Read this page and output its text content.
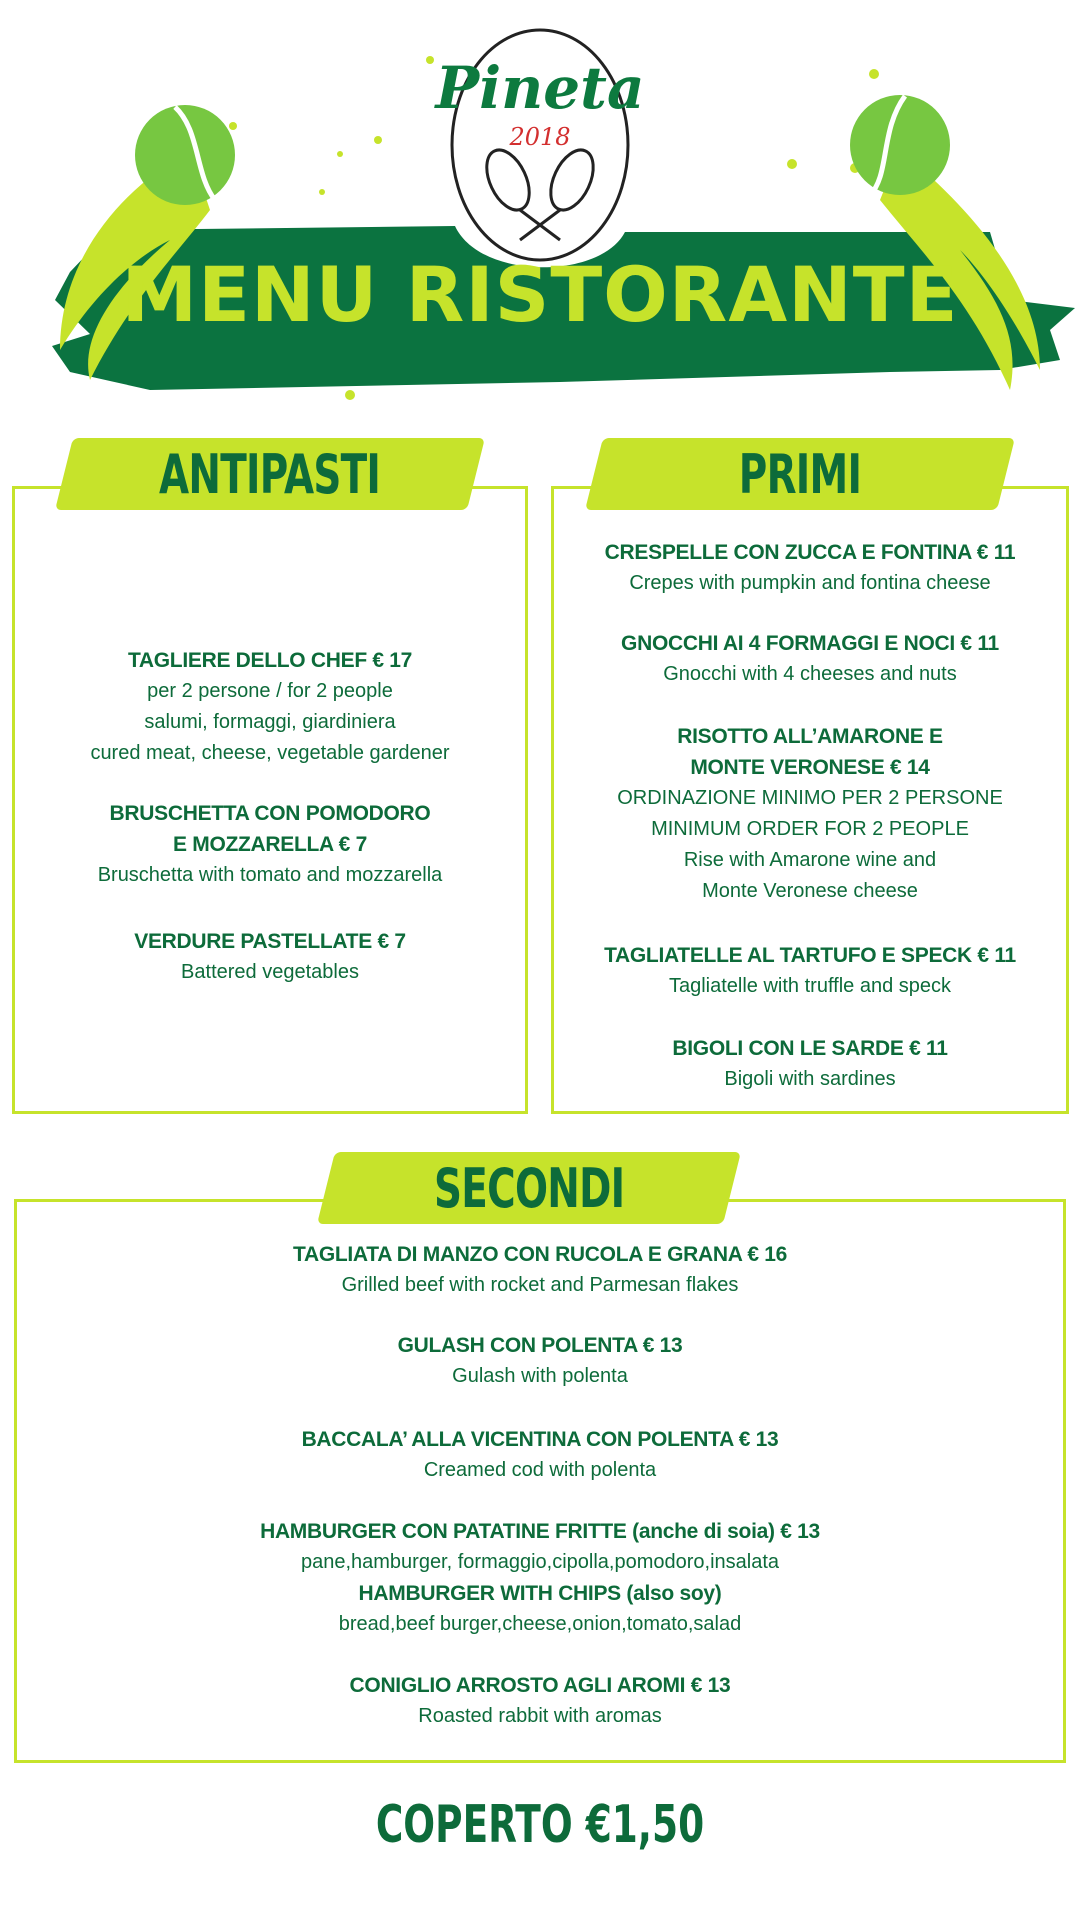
Pineta
2018
MENU RISTORANTE
ANTIPASTI
TAGLIERE DELLO CHEF € 17
per 2 persone / for 2 people
salumi, formaggi, giardiniera
cured meat, cheese, vegetable gardener
BRUSCHETTA CON POMODORO
E MOZZARELLA € 7
Bruschetta with tomato and mozzarella
VERDURE PASTELLATE € 7
Battered vegetables
PRIMI
CRESPELLE CON ZUCCA E FONTINA € 11
Crepes with pumpkin and fontina cheese
GNOCCHI AI 4 FORMAGGI E NOCI € 11
Gnocchi with 4 cheeses and nuts
RISOTTO ALL’AMARONE E
MONTE VERONESE € 14
ORDINAZIONE MINIMO PER 2 PERSONE
MINIMUM ORDER FOR 2 PEOPLE
Rise with Amarone wine and
Monte Veronese cheese
TAGLIATELLE AL TARTUFO E SPECK € 11
Tagliatelle with truffle and speck
BIGOLI CON LE SARDE € 11
Bigoli with sardines
SECONDI
TAGLIATA DI MANZO CON RUCOLA E GRANA € 16
Grilled beef with rocket and Parmesan flakes
GULASH CON POLENTA € 13
Gulash with polenta
BACCALA’ ALLA VICENTINA CON POLENTA € 13
Creamed cod with polenta
HAMBURGER CON PATATINE FRITTE (anche di soia) € 13
pane,hamburger, formaggio,cipolla,pomodoro,insalata
HAMBURGER WITH CHIPS (also soy)
bread,beef burger,cheese,onion,tomato,salad
CONIGLIO ARROSTO AGLI AROMI € 13
Roasted rabbit with aromas
COPERTO €1,50
